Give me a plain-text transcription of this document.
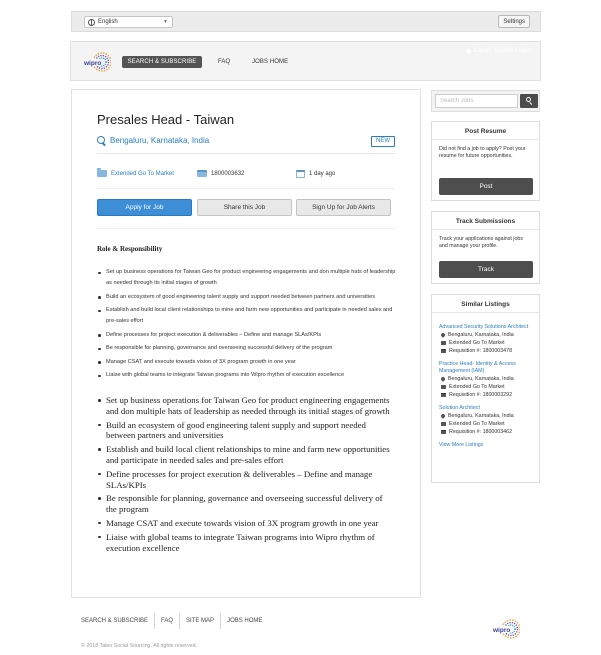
English	▼	Settings
wipro	SEARCH & SUBSCRIBE	FAQ	JOBS HOME
Career Section Login
Presales Head - Taiwan
Bengaluru, Karnataka, India	NEW
Extended Go To Market	1800003632	1 day ago
Apply for Job	Share this Job	Sign Up for Job Alerts
Role & Responsibility
Set up business operations for Taiwan Geo for product engineering engagements and don multiple hats of leadership as needed through its initial stages of growth
Build an ecosystem of good engineering talent supply and support needed between partners and universities
Establish and build local client relationships to mine and farm new opportunities and participate in needed sales and pre-sales effort
Define processes for project execution & deliverables – Define and manage SLAs/KPIs
Be responsible for planning, governance and overseeing successful delivery of the program
Manage CSAT and execute towards vision of 3X program growth in one year
Liaise with global teams to integrate Taiwan programs into Wipro rhythm of execution excellence
Set up business operations for Taiwan Geo for product engineering engagements and don multiple hats of leadership as needed through its initial stages of growth
Build an ecosystem of good engineering talent supply and support needed between partners and universities
Establish and build local client relationships to mine and farm new opportunities and participate in needed sales and pre-sales effort
Define processes for project execution & deliverables – Define and manage SLAs/KPIs
Be responsible for planning, governance and overseeing successful delivery of the program
Manage CSAT and execute towards vision of 3X program growth in one year
Liaise with global teams to integrate Taiwan programs into Wipro rhythm of execution excellence
Search Jobs
Post Resume
Did not find a job to apply? Post your resume for future opportunities.
Post
Track Submissions
Track your applications against jobs and manage your profile.
Track
Similar Listings
Advanced Security Solutions Architect
Bengaluru, Karnataka, India
Extended Go To Market
Requisition #: 1800003478
Practice Head- Identity & Access Management (IAM)
Bengaluru, Karnataka, India
Extended Go To Market
Requisition #: 1800003292
Solution Architect
Bengaluru, Karnataka, India
Extended Go To Market
Requisition #: 1800003462
View More Listings
SEARCH & SUBSCRIBE	FAQ	SITE MAP	JOBS HOME
wipro
© 2018 Taleo Social Sourcing. All rights reserved.
